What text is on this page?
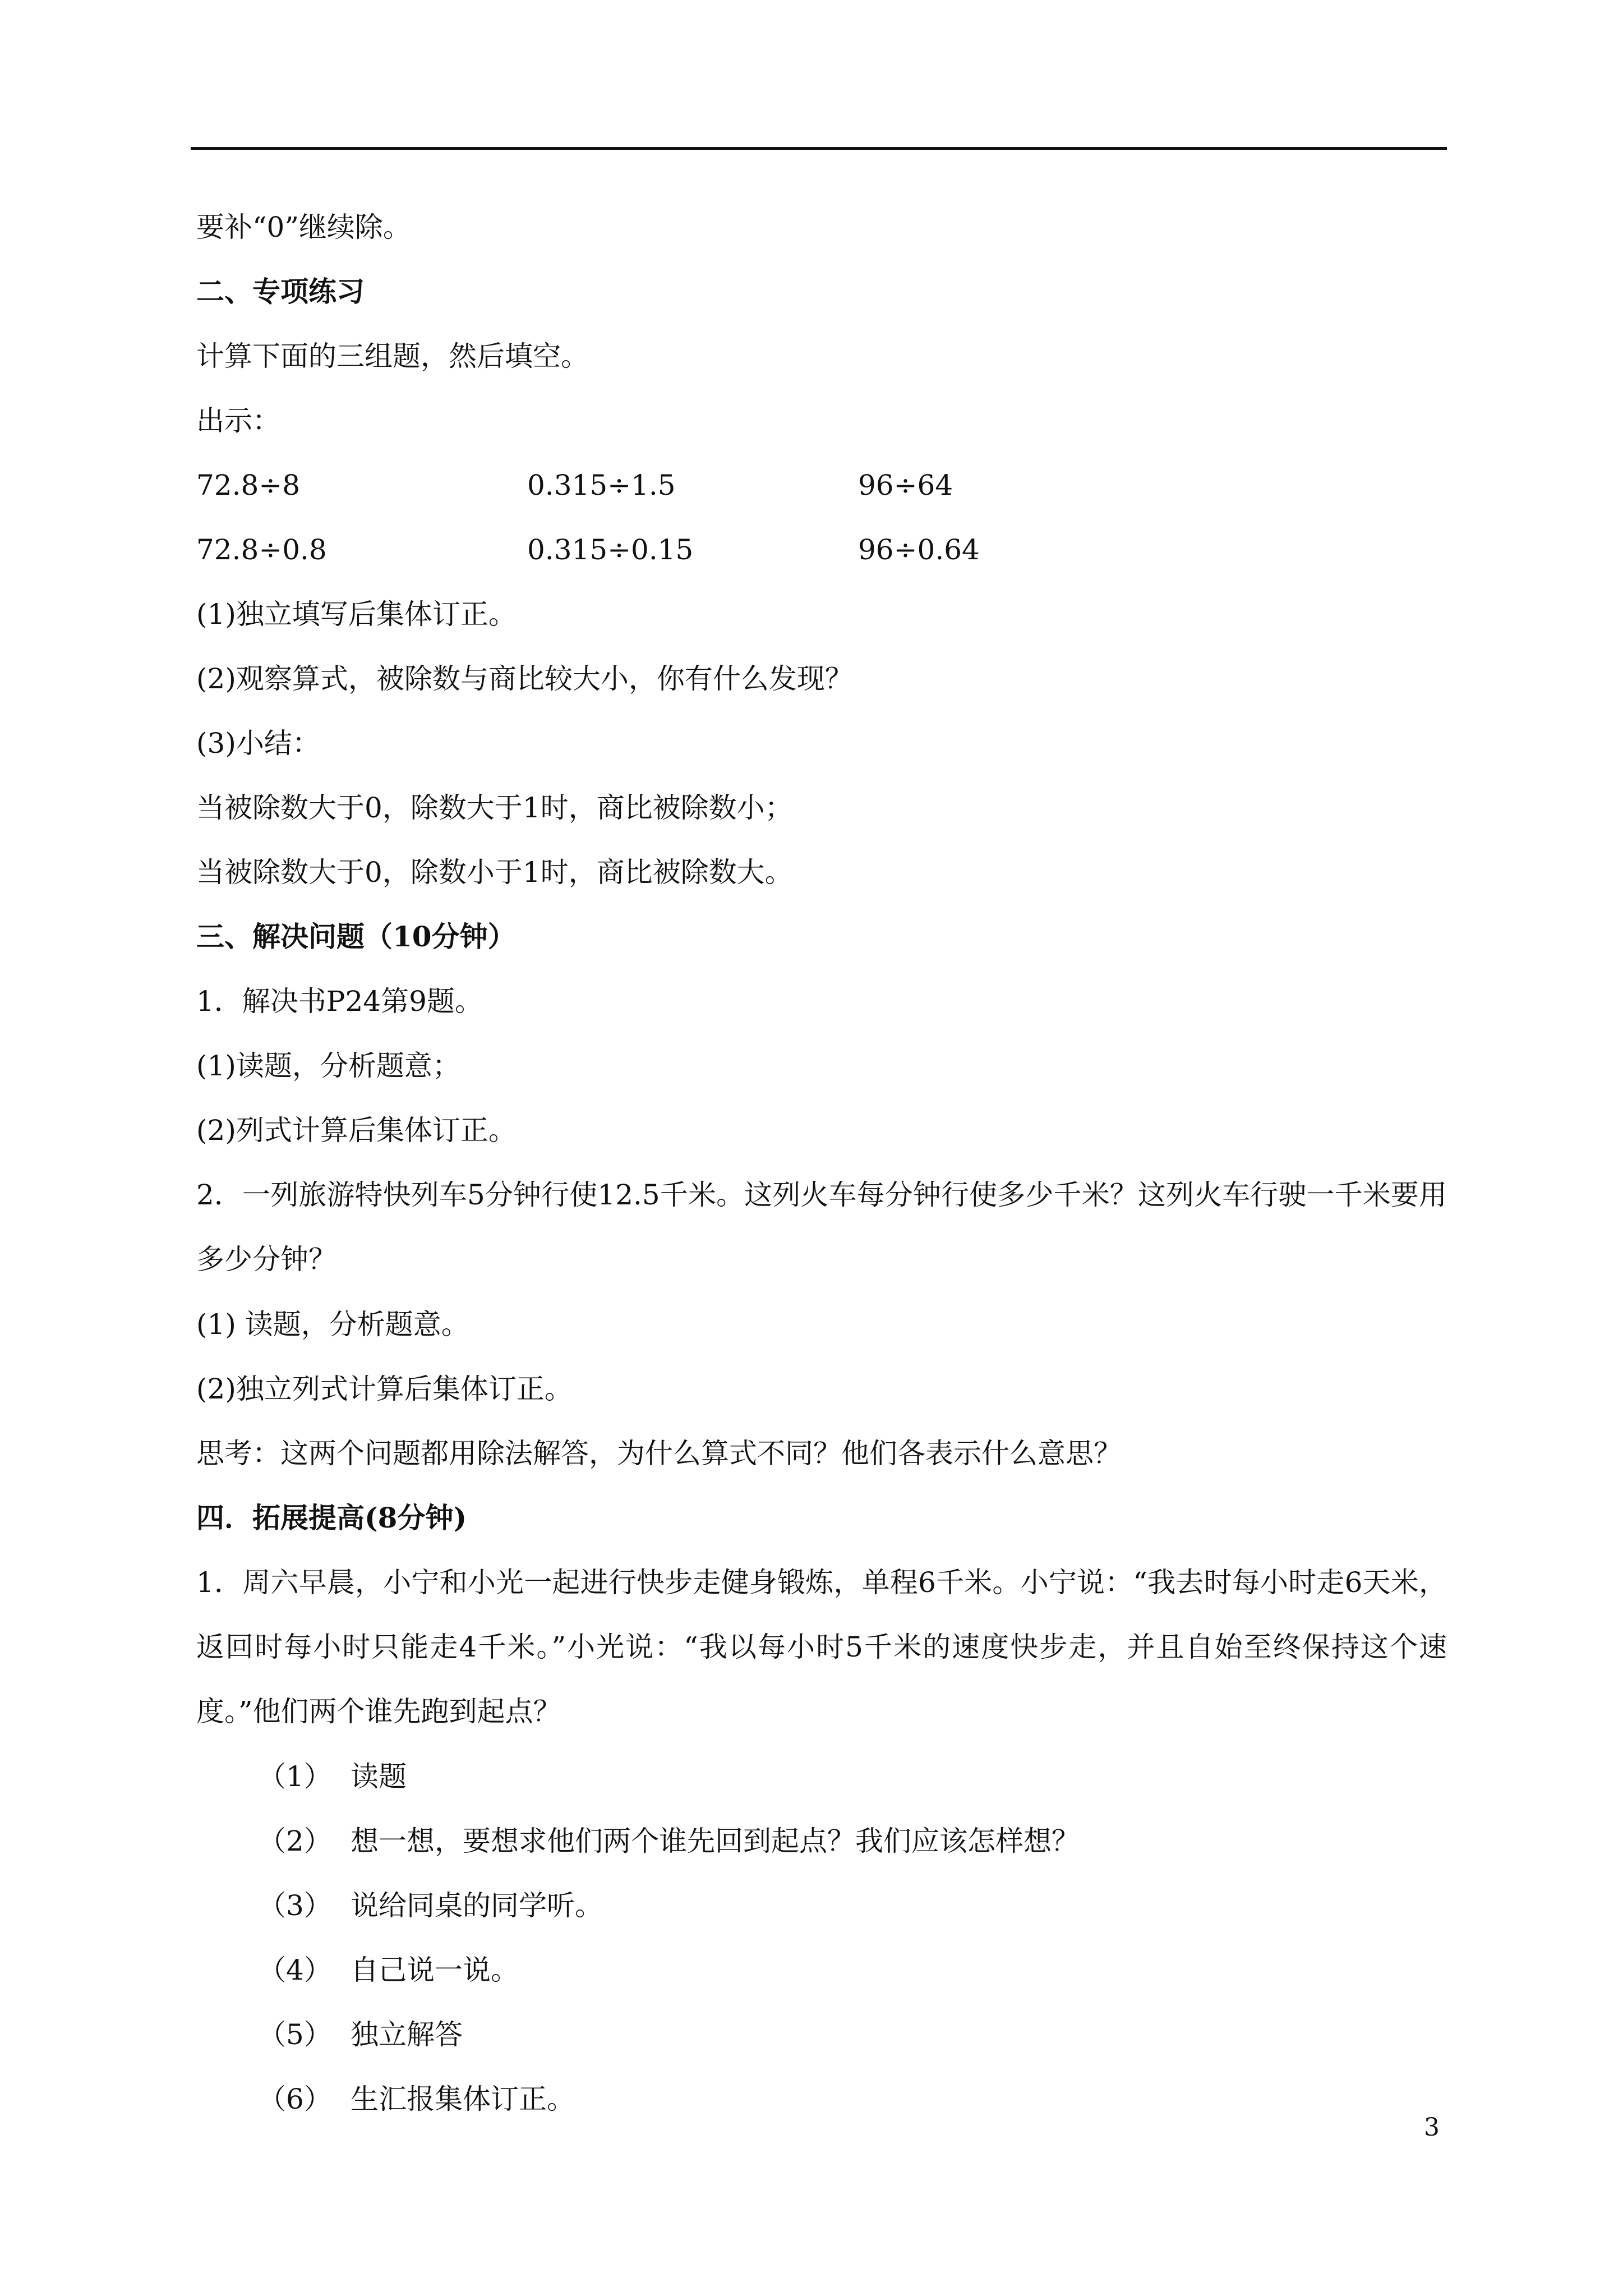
要补“0”继续除。
二、专项练习
计算下面的三组题，然后填空。
出示：
72.8÷8	0.315÷1.5	96÷64
72.8÷0.8	0.315÷0.15	96÷0.64
(1)独立填写后集体订正。
(2)观察算式，被除数与商比较大小，你有什么发现？
(3)小结：
当被除数大于0，除数大于1时，商比被除数小；
当被除数大于0，除数小于1时，商比被除数大。
三、解决问题（10分钟）
1．解决书P24第9题。
(1)读题，分析题意；
(2)列式计算后集体订正。
2．一列旅游特快列车5分钟行使12.5千米。这列火车每分钟行使多少千米？这列火车行驶一千米要用多少分钟？
(1) 读题，分析题意。
(2)独立列式计算后集体订正。
思考：这两个问题都用除法解答，为什么算式不同？他们各表示什么意思？
四．拓展提高(8分钟)
1．周六早晨，小宁和小光一起进行快步走健身锻炼，单程6千米。小宁说：“我去时每小时走6天米，返回时每小时只能走4千米。”小光说：“我以每小时5千米的速度快步走，并且自始至终保持这个速度。”他们两个谁先跑到起点？
（1） 读题
（2） 想一想，要想求他们两个谁先回到起点？我们应该怎样想？
（3） 说给同桌的同学听。
（4） 自己说一说。
（5） 独立解答
（6） 生汇报集体订正。
3
